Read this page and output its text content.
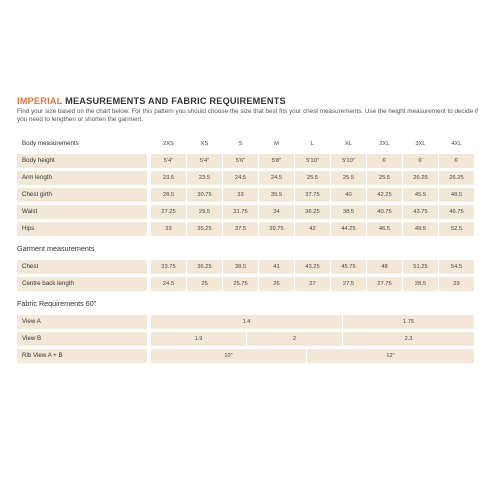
IMPERIAL MEASUREMENTS AND FABRIC REQUIREMENTS
Find your size based on the chart below. For this pattern you should choose the size that best fits your chest measurements. Use the height measurement to decide if you need to lengthen or shorten the garment.
Body measurements	2XS	XS	S	M	L	XL	2XL	3XL	4XL
Body height	5'4"	5'4"	5'6"	5'8"	5'10"	5'10"	6'	6'	6'
Arm length	23.5	23.5	24.5	24.5	25.5	25.5	25.5	26.25	26.25
Chest girth	28.5	30.75	33	35.5	37.75	40	42.25	45.5	48.5
Waist	27.25	29.5	31.75	34	36.25	38.5	40.75	43.75	46.75
Hips	33	35.25	37.5	39.75	42	44.25	46.5	49.5	52.5
Garment measurements
Chest	33.75	36.25	38.5	41	43.25	45.75	48	51.25	54.5
Centre back length	24.5	25	25.75	26	27	27.5	27.75	28.5	29
Fabric Requirements 60"
View A	1.4	1.75
View B	1.9	2	2.3
Rib View A + B	10"	12"
